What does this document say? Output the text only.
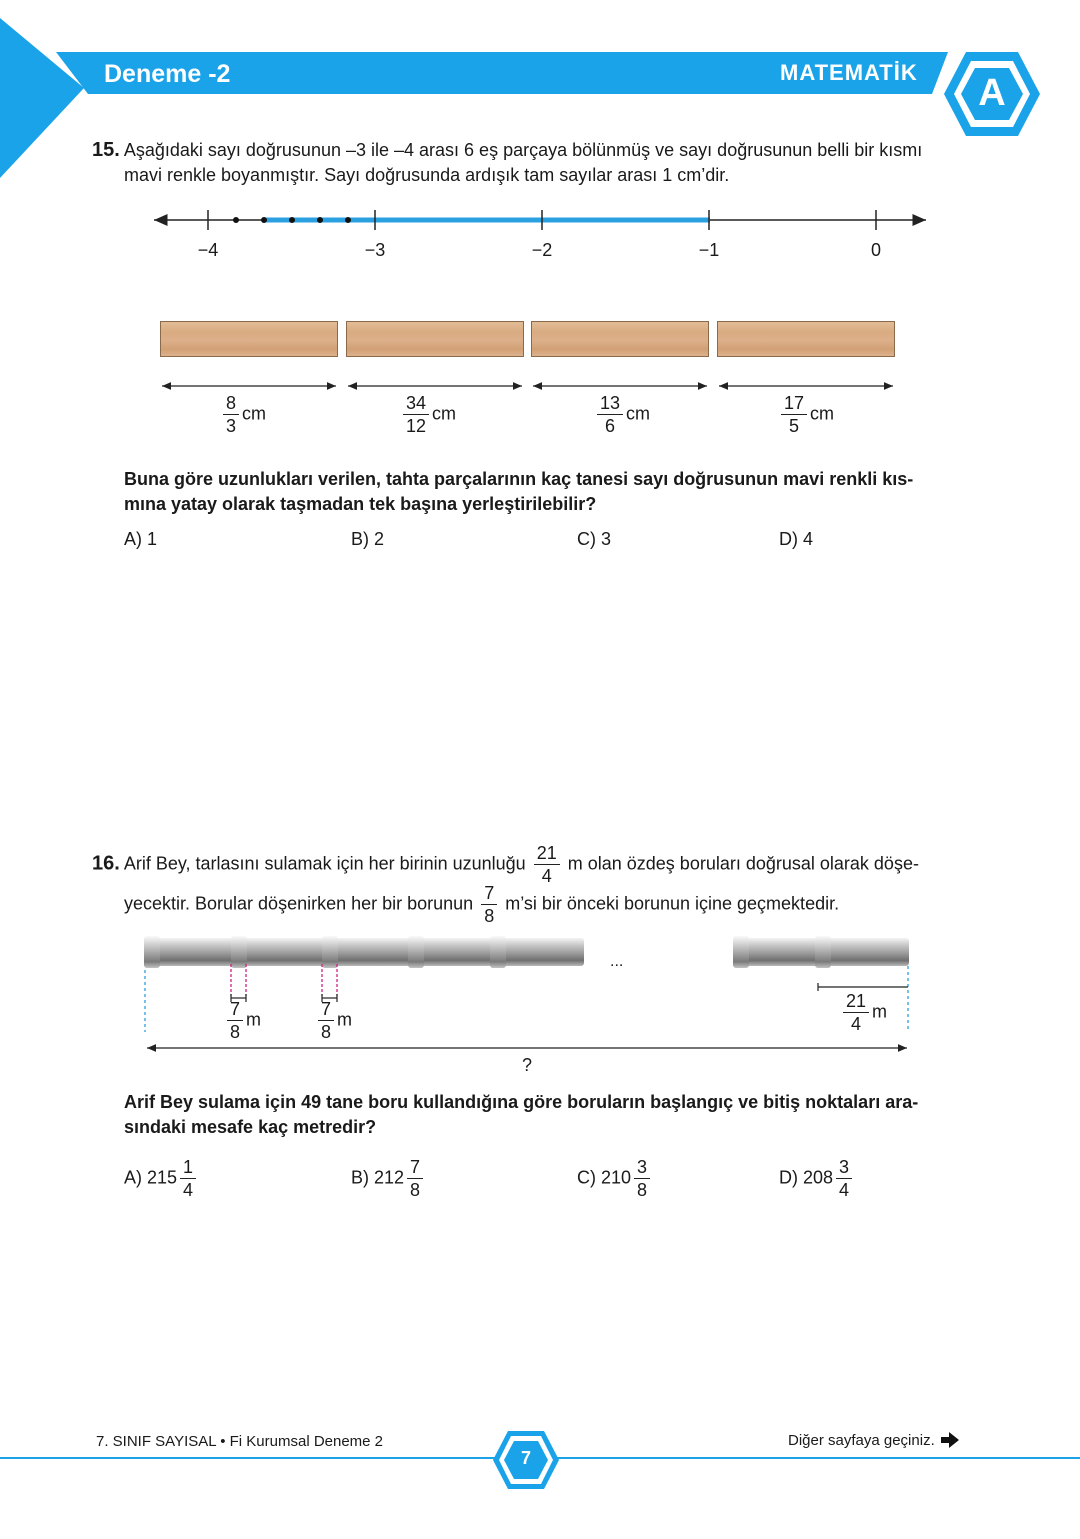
Deneme -2	MATEMATİK	A
15. Aşağıdaki sayı doğrusunun –3 ile –4 arası 6 eş parçaya bölünmüş ve sayı doğrusunun belli bir kısmı
mavi renkle boyanmıştır. Sayı doğrusunda ardışık tam sayılar arası 1 cm’dir.
−4	−3	−2	−1	0
$\frac{8}{3}$ cm	$\frac{34}{12}$ cm	$\frac{13}{6}$ cm	$\frac{17}{5}$ cm
Buna göre uzunlukları verilen, tahta parçalarının kaç tanesi sayı doğrusunun mavi renkli kıs-
mına yatay olarak taşmadan tek başına yerleştirilebilir?
A) 1	B) 2	C) 3	D) 4
16. Arif Bey, tarlasını sulamak için her birinin uzunluğu $\frac{21}{4}$ m olan özdeş boruları doğrusal olarak döşe-
yecektir. Borular döşenirken her bir borunun $\frac{7}{8}$ m’si bir önceki borunun içine geçmektedir.
...
$\frac{7}{8}$ m	$\frac{7}{8}$ m	$\frac{21}{4}$ m
?
Arif Bey sulama için 49 tane boru kullandığına göre boruların başlangıç ve bitiş noktaları ara-
sındaki mesafe kaç metredir?
A) $215 \frac{1}{4}$	B) $212 \frac{7}{8}$	C) $210 \frac{3}{8}$	D) $208 \frac{3}{4}$
7. SINIF SAYISAL • Fi Kurumsal Deneme 2
7
Diğer sayfaya geçiniz.
